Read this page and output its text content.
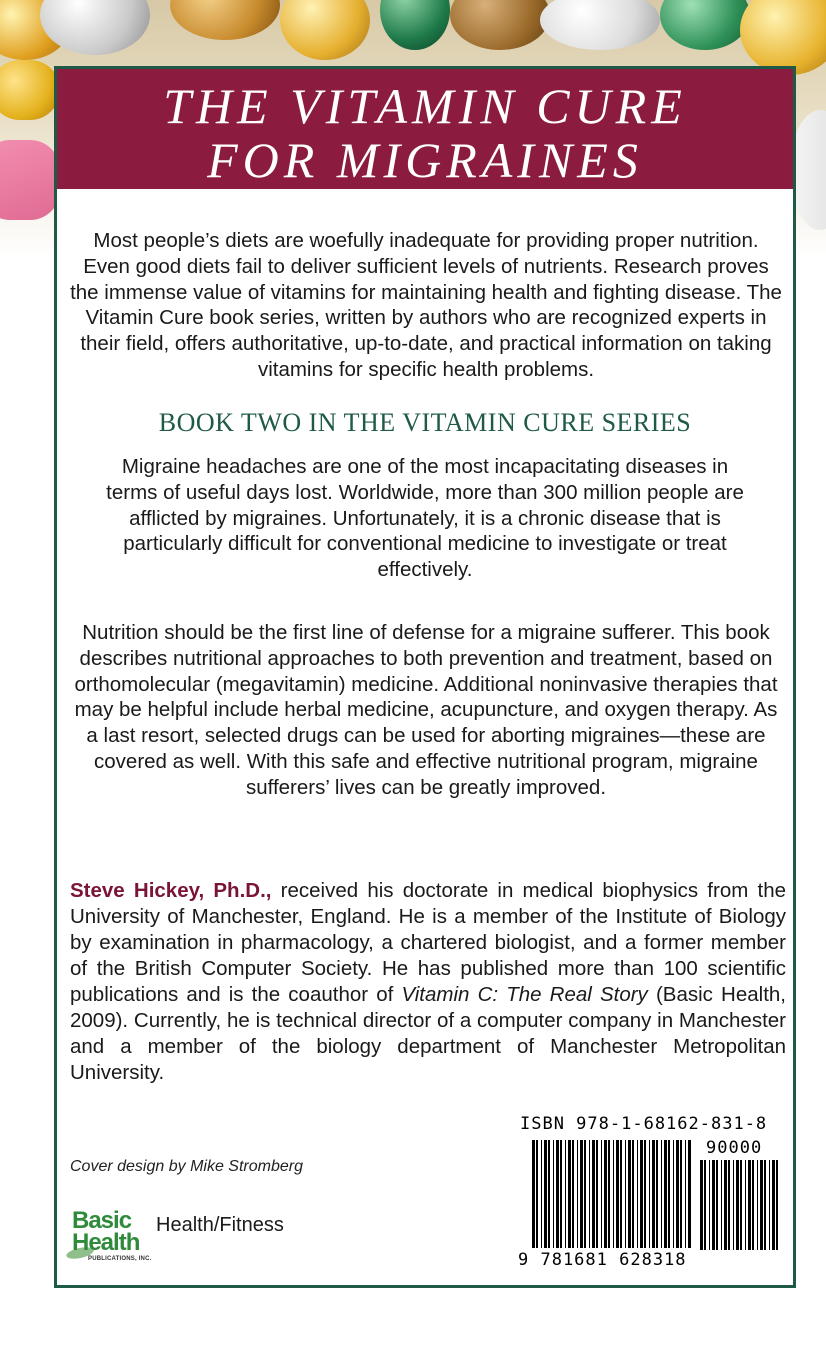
THE VITAMIN CURE
FOR MIGRAINES

Most people’s diets are woefully inadequate for providing proper nutrition. Even good diets fail to deliver sufficient levels of nutrients. Research proves the immense value of vitamins for maintaining health and fighting disease. The Vitamin Cure book series, written by authors who are recognized experts in their field, offers authoritative, up-to-date, and practical information on taking vitamins for specific health problems.

BOOK TWO IN THE VITAMIN CURE SERIES

Migraine headaches are one of the most incapacitating diseases in terms of useful days lost. Worldwide, more than 300 million people are afflicted by migraines. Unfortunately, it is a chronic disease that is particularly difficult for conventional medicine to investigate or treat effectively.

Nutrition should be the first line of defense for a migraine sufferer. This book describes nutritional approaches to both prevention and treatment, based on orthomolecular (megavitamin) medicine. Additional noninvasive therapies that may be helpful include herbal medicine, acupuncture, and oxygen therapy. As a last resort, selected drugs can be used for aborting migraines—these are covered as well. With this safe and effective nutritional program, migraine sufferers’ lives can be greatly improved.

Steve Hickey, Ph.D., received his doctorate in medical biophysics from the University of Manchester, England. He is a member of the Institute of Biology by examination in pharmacology, a chartered biologist, and a former member of the British Computer Society. He has published more than 100 scientific publications and is the coauthor of Vitamin C: The Real Story (Basic Health, 2009). Currently, he is technical director of a computer company in Manchester and a member of the biology department of Manchester Metropolitan University.

Cover design by Mike Stromberg
Basic
Health
PUBLICATIONS, INC.
Health/Fitness
ISBN 978-1-68162-831-8
90000
9 781681 628318
